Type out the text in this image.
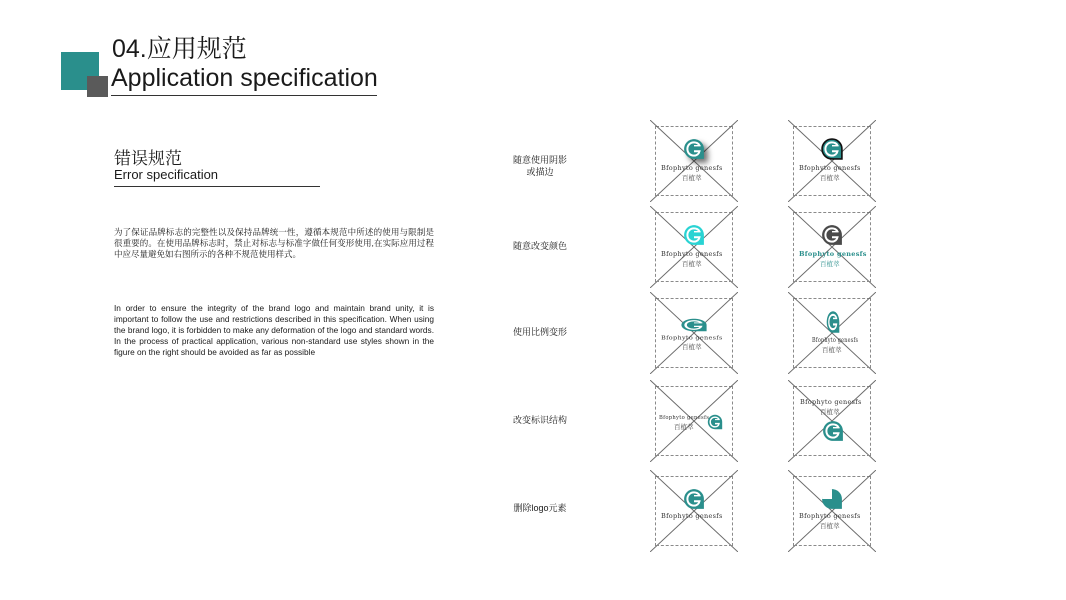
04.应用规范
Application specification
错误规范
Error specification
为了保证品牌标志的完整性以及保持品牌统一性，遵循本规范中所述的使用与限制是很重要的。在使用品牌标志时，禁止对标志与标准字做任何变形使用,在实际应用过程中应尽量避免如右图所示的各种不规范使用样式。
In order to ensure the integrity of the brand logo and maintain brand unity, it is important to follow the use and restrictions described in this specification. When using the brand logo, it is forbidden to make any deformation of the logo and standard words. In the process of practical application, various non-standard use styles shown in the figure on the right should be avoided as far as possible
随意使用阴影
或描边
随意改变颜色
使用比例变形
改变标识结构
删除logo元素
Bfophyto genesfs
百植萃
Bfophyto genesfs
百植萃
Bfophyto genesfs
百植萃
Bfophyto genesfs
百植萃
Bfophyto genesfs
百植萃
Bfophyto genesfs
百植萃
Bfophyto genesfs
百植萃
Bfophyto genesfs
百植萃
Bfophyto genesfs	Bfophyto genesfs
百植萃
